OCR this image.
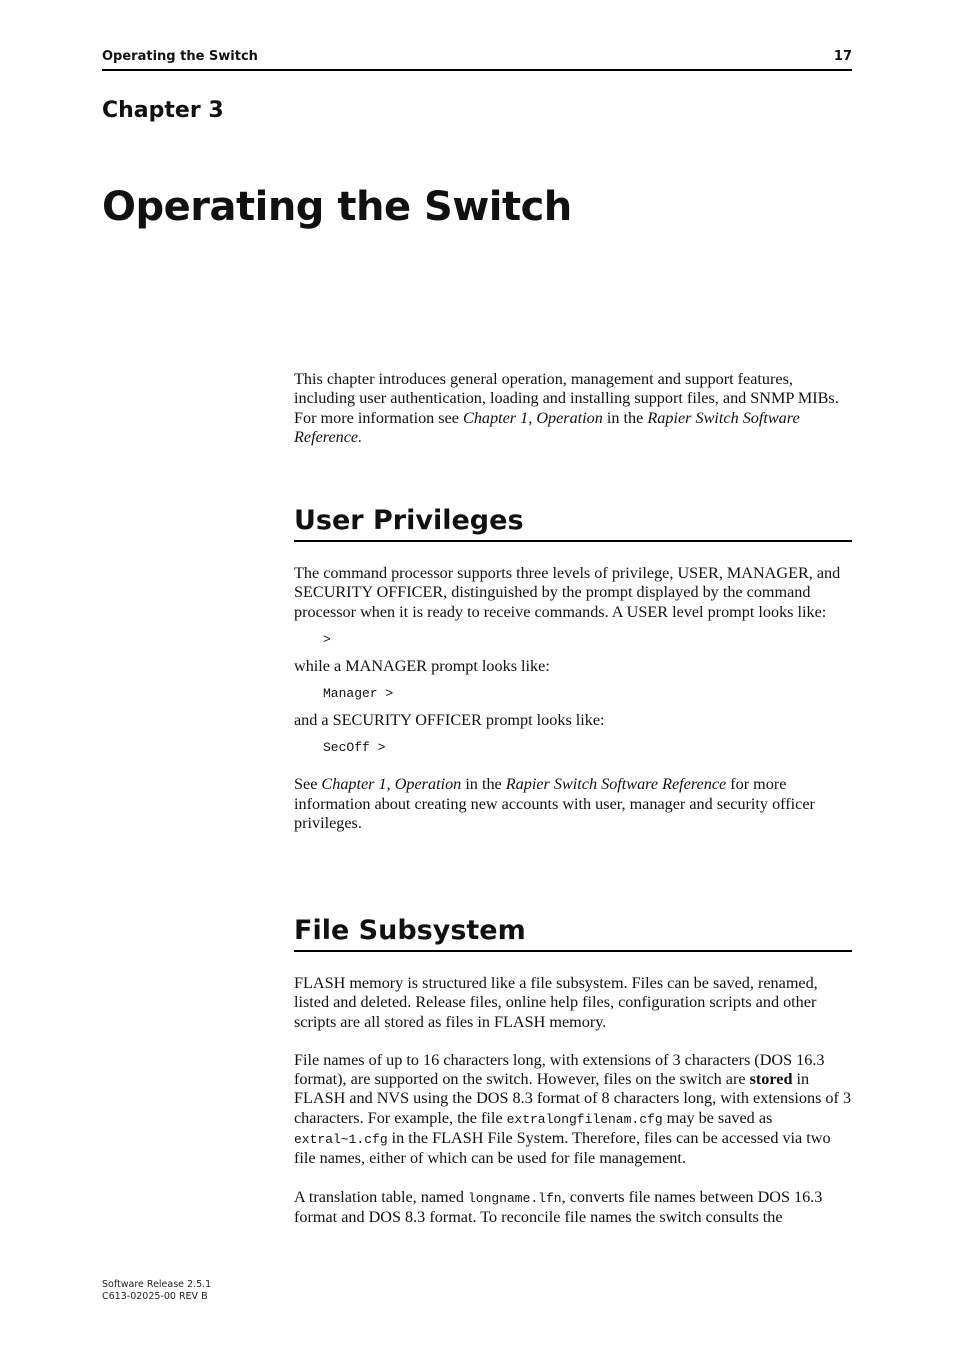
Operating the Switch	17
Chapter 3
Operating the Switch

This chapter introduces general operation, management and support features, including user authentication, loading and installing support files, and SNMP MIBs. For more information see Chapter 1, Operation in the Rapier Switch Software Reference.

User Privileges

The command processor supports three levels of privilege, USER, MANAGER, and SECURITY OFFICER, distinguished by the prompt displayed by the command processor when it is ready to receive commands. A USER level prompt looks like:

>

while a MANAGER prompt looks like:

Manager >

and a SECURITY OFFICER prompt looks like:

SecOff >

See Chapter 1, Operation in the Rapier Switch Software Reference for more information about creating new accounts with user, manager and security officer privileges.

File Subsystem

FLASH memory is structured like a file subsystem. Files can be saved, renamed, listed and deleted. Release files, online help files, configuration scripts and other scripts are all stored as files in FLASH memory.

File names of up to 16 characters long, with extensions of 3 characters (DOS 16.3 format), are supported on the switch. However, files on the switch are stored in FLASH and NVS using the DOS 8.3 format of 8 characters long, with extensions of 3 characters. For example, the file extralongfilenam.cfg may be saved as extral~1.cfg in the FLASH File System. Therefore, files can be accessed via two file names, either of which can be used for file management.

A translation table, named longname.lfn, converts file names between DOS 16.3 format and DOS 8.3 format. To reconcile file names the switch consults the

Software Release 2.5.1
C613-02025-00 REV B
